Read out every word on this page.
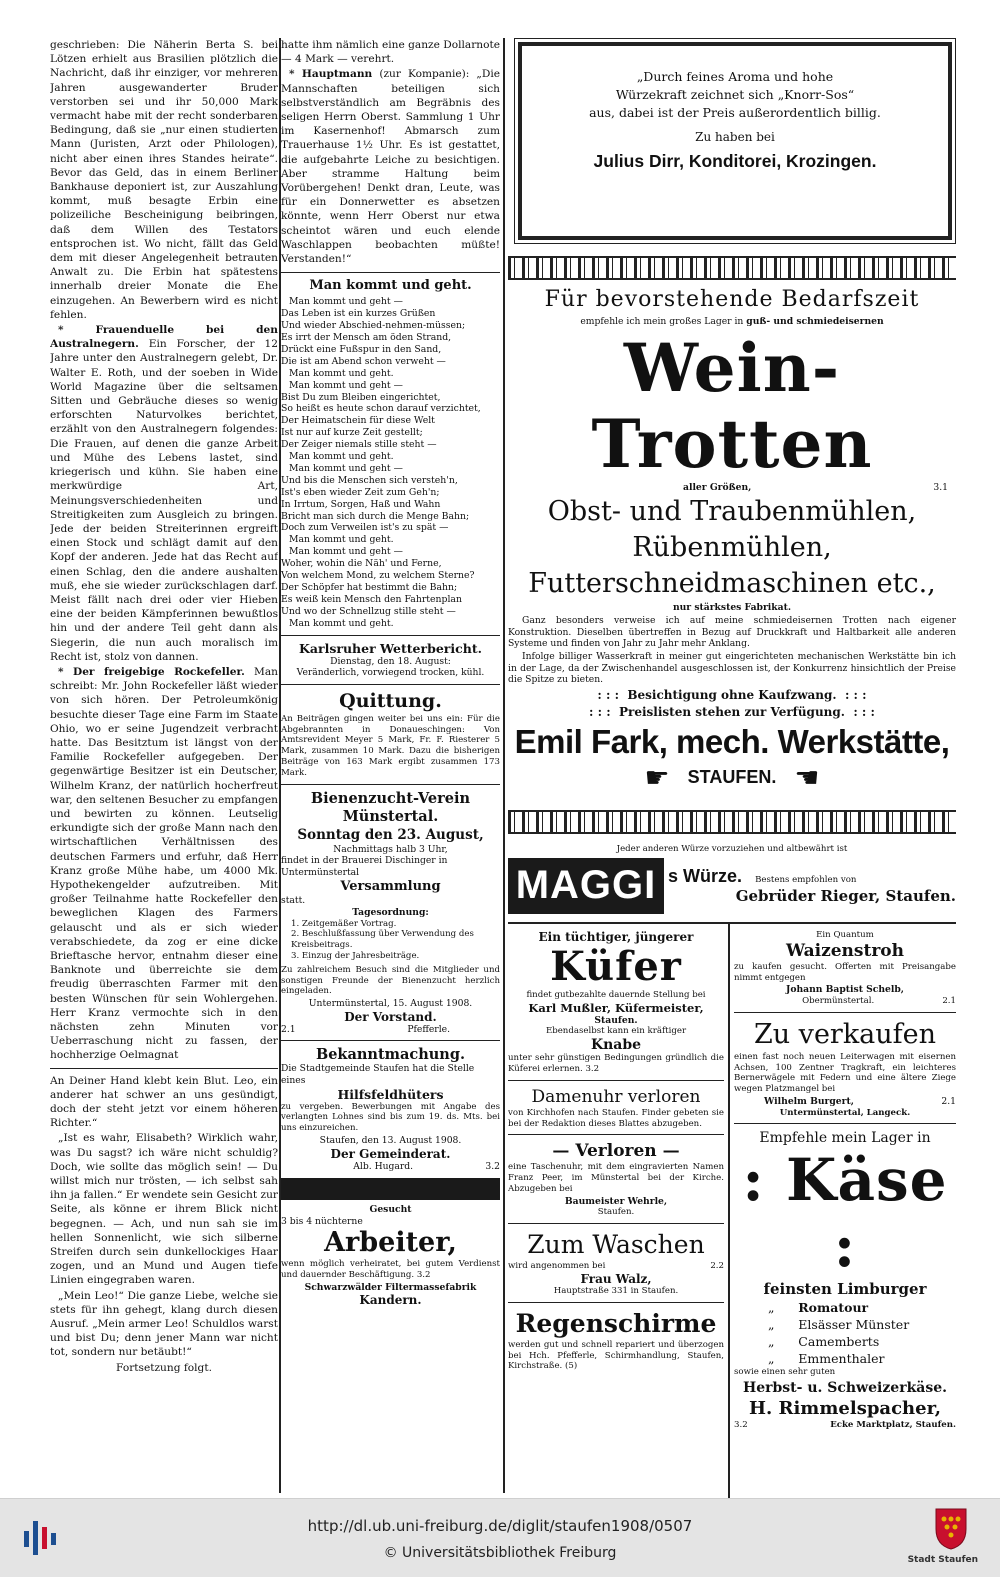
geschrieben: Die Näherin Berta S. bei Lötzen erhielt aus Brasilien plötzlich die Nachricht, daß ihr einziger, vor mehreren Jahren ausgewanderter Bruder verstorben sei und ihr 50,000 Mark vermacht habe mit der recht sonderbaren Bedingung, daß sie „nur einen studierten Mann (Juristen, Arzt oder Philologen), nicht aber einen ihres Standes heirate“. Bevor das Geld, das in einem Berliner Bankhause deponiert ist, zur Auszahlung kommt, muß besagte Erbin eine polizeiliche Bescheinigung beibringen, daß dem Willen des Testators entsprochen ist. Wo nicht, fällt das Geld dem mit dieser Angelegenheit betrauten Anwalt zu. Die Erbin hat spätestens innerhalb dreier Monate die Ehe einzugehen. An Bewerbern wird es nicht fehlen.

* Frauenduelle bei den Australnegern. Ein Forscher, der 12 Jahre unter den Australnegern gelebt, Dr. Walter E. Roth, und der soeben in Wide World Magazine über die seltsamen Sitten und Gebräuche dieses so wenig erforschten Naturvolkes berichtet, erzählt von den Australnegern folgendes: Die Frauen, auf denen die ganze Arbeit und Mühe des Lebens lastet, sind kriegerisch und kühn. Sie haben eine merkwürdige Art, Meinungsverschiedenheiten und Streitigkeiten zum Ausgleich zu bringen. Jede der beiden Streiterinnen ergreift einen Stock und schlägt damit auf den Kopf der anderen. Jede hat das Recht auf einen Schlag, den die andere aushalten muß, ehe sie wieder zurückschlagen darf. Meist fällt nach drei oder vier Hieben eine der beiden Kämpferinnen bewußtlos hin und der andere Teil geht dann als Siegerin, die nun auch moralisch im Recht ist, stolz von dannen.

* Der freigebige Rockefeller. Man schreibt: Mr. John Rockefeller läßt wieder von sich hören. Der Petroleumkönig besuchte dieser Tage eine Farm im Staate Ohio, wo er seine Jugendzeit verbracht hatte. Das Besitztum ist längst von der Familie Rockefeller aufgegeben. Der gegenwärtige Besitzer ist ein Deutscher, Wilhelm Kranz, der natürlich hocherfreut war, den seltenen Besucher zu empfangen und bewirten zu können. Leutselig erkundigte sich der große Mann nach den wirtschaftlichen Verhältnissen des deutschen Farmers und erfuhr, daß Herr Kranz große Mühe habe, um 4000 Mk. Hypothekengelder aufzutreiben. Mit großer Teilnahme hatte Rockefeller den beweglichen Klagen des Farmers gelauscht und als er sich wieder verabschiedete, da zog er eine dicke Brieftasche hervor, entnahm dieser eine Banknote und überreichte sie dem freudig überraschten Farmer mit den besten Wünschen für sein Wohlergehen. Herr Kranz vermochte sich in den nächsten zehn Minuten vor Ueberraschung nicht zu fassen, der hochherzige Oelmagnat

An Deiner Hand klebt kein Blut. Leo, ein anderer hat schwer an uns gesündigt, doch der steht jetzt vor einem höheren Richter.“

„Ist es wahr, Elisabeth? Wirklich wahr, was Du sagst? ich wäre nicht schuldig? Doch, wie sollte das möglich sein! — Du willst mich nur trösten, — ich selbst sah ihn ja fallen.“ Er wendete sein Gesicht zur Seite, als könne er ihrem Blick nicht begegnen. — Ach, und nun sah sie im hellen Sonnenlicht, wie sich silberne Streifen durch sein dunkellockiges Haar zogen, und an Mund und Augen tiefe Linien eingegraben waren.

„Mein Leo!“ Die ganze Liebe, welche sie stets für ihn gehegt, klang durch diesen Ausruf. „Mein armer Leo! Schuldlos warst und bist Du; denn jener Mann war nicht tot, sondern nur betäubt!“

Fortsetzung folgt.

hatte ihm nämlich eine ganze Dollarnote — 4 Mark — verehrt.

* Hauptmann (zur Kompanie): „Die Mannschaften beteiligen sich selbstverständlich am Begräbnis des seligen Herrn Oberst. Sammlung 1 Uhr im Kasernenhof! Abmarsch zum Trauerhause 1½ Uhr. Es ist gestattet, die aufgebahrte Leiche zu besichtigen. Aber stramme Haltung beim Vorübergehen! Denkt dran, Leute, was für ein Donnerwetter es absetzen könnte, wenn Herr Oberst nur etwa scheintot wären und euch elende Waschlappen beobachten müßte! Verstanden!“

Man kommt und geht.
Man kommt und geht —
Das Leben ist ein kurzes Grüßen
Und wieder Abschied-nehmen-müssen;
Es irrt der Mensch am öden Strand,
Drückt eine Fußspur in den Sand,
Die ist am Abend schon verweht —
Man kommt und geht.
Man kommt und geht —
Bist Du zum Bleiben eingerichtet,
So heißt es heute schon darauf verzichtet,
Der Heimatschein für diese Welt
Ist nur auf kurze Zeit gestellt;
Der Zeiger niemals stille steht —
Man kommt und geht.
Man kommt und geht —
Und bis die Menschen sich versteh'n,
Ist's eben wieder Zeit zum Geh'n;
In Irrtum, Sorgen, Haß und Wahn
Bricht man sich durch die Menge Bahn;
Doch zum Verweilen ist's zu spät —
Man kommt und geht.
Man kommt und geht —
Woher, wohin die Näh' und Ferne,
Von welchem Mond, zu welchem Sterne?
Der Schöpfer hat bestimmt die Bahn;
Es weiß kein Mensch den Fahrtenplan
Und wo der Schnellzug stille steht —
Man kommt und geht.
Karlsruher Wetterbericht.
Dienstag, den 18. August:
Veränderlich, vorwiegend trocken, kühl.
Quittung.

An Beiträgen gingen weiter bei uns ein: Für die Abgebrannten in Donaueschingen: Von Amtsrevident Meyer 5 Mark, Fr. F. Riesterer 5 Mark, zusammen 10 Mark. Dazu die bisherigen Beiträge von 163 Mark ergibt zusammen 173 Mark.

Bienenzucht-Verein Münstertal.
Sonntag den 23. August,
Nachmittags halb 3 Uhr,
findet in der Brauerei Dischinger in Untermünstertal
Versammlung
statt.
Tagesordnung:
1. Zeitgemäßer Vortrag.
2. Beschlußfassung über Verwendung des Kreisbeitrags.
3. Einzug der Jahresbeiträge.

Zu zahlreichem Besuch sind die Mitglieder und sonstigen Freunde der Bienenzucht herzlich eingeladen.

Untermünstertal, 15. August 1908.
Der Vorstand.
2.1	Pfefferle.
Bekanntmachung.
Die Stadtgemeinde Staufen hat die Stelle eines
Hilfsfeldhüters

zu vergeben. Bewerbungen mit Angabe des verlangten Lohnes sind bis zum 19. ds. Mts. bei uns einzureichen.

Staufen, den 13. August 1908.
Der Gemeinderat.
Alb. Hugard.	3.2
Gesucht
3 bis 4 nüchterne
Arbeiter,

wenn möglich verheiratet, bei gutem Verdienst und dauernder Beschäftigung. 3.2

Schwarzwälder Filtermassefabrik
Kandern.
„Durch feines Aroma und hohe
Würzekraft zeichnet sich „Knorr-Sos“
aus, dabei ist der Preis außerordentlich billig.
Zu haben bei
Julius Dirr, Konditorei, Krozingen.
Für bevorstehende Bedarfszeit
empfehle ich mein großes Lager in guß- und schmiedeisernen
Wein-Trotten
aller Größen,	3.1
Obst- und Traubenmühlen,
Rübenmühlen,
Futterschneidmaschinen etc.,
nur stärkstes Fabrikat.

Ganz besonders verweise ich auf meine schmiedeisernen Trotten nach eigener Konstruktion. Dieselben übertreffen in Bezug auf Druckkraft und Haltbarkeit alle anderen Systeme und finden von Jahr zu Jahr mehr Anklang.

Infolge billiger Wasserkraft in meiner gut eingerichteten mechanischen Werkstätte bin ich in der Lage, da der Zwischenhandel ausgeschlossen ist, der Konkurrenz hinsichtlich der Preise die Spitze zu bieten.

: : :  Besichtigung ohne Kaufzwang.  : : :
: : :  Preislisten stehen zur Verfügung.  : : :
Emil Fark, mech. Werkstätte,
☛ STAUFEN. ☚
Jeder anderen Würze vorzuziehen und altbewährt ist
MAGGI s Würze. Bestens empfohlen von
Gebrüder Rieger, Staufen.
Ein tüchtiger, jüngerer
Küfer
findet gutbezahlte dauernde Stellung bei
Karl Mußler, Küfermeister,
Staufen.
Ebendaselbst kann ein kräftiger
Knabe

unter sehr günstigen Bedingungen gründlich die Küferei erlernen. 3.2

Damenuhr verloren

von Kirchhofen nach Staufen. Finder gebeten sie bei der Redaktion dieses Blattes abzugeben.

— Verloren —

eine Taschenuhr, mit dem eingravierten Namen Franz Peer, im Münstertal bei der Kirche. Abzugeben bei

Baumeister Wehrle,
Staufen.
Zum Waschen
wird angenommen bei	2.2
Frau Walz,
Hauptstraße 331 in Staufen.
Regenschirme

werden gut und schnell repariert und überzogen bei Hch. Pfefferle, Schirmhandlung, Staufen, Kirchstraße. (5)

Ein Quantum
Waizenstroh

zu kaufen gesucht. Offerten mit Preisangabe nimmt entgegen

Johann Baptist Schelb,
Obermünstertal.	2.1
Zu verkaufen

einen fast noch neuen Leiterwagen mit eisernen Achsen, 100 Zentner Tragkraft, ein leichteres Bernerwägele mit Federn und eine ältere Ziege wegen Platzmangel bei

Wilhelm Burgert,	2.1
Untermünstertal, Langeck.
Empfehle mein Lager in
: Käse :
feinsten Limburger
„      Romatour
„      Elsässer Münster
„      Camemberts
„      Emmenthaler
sowie einen sehr guten
Herbst- u. Schweizerkäse.
H. Rimmelspacher,
3.2	Ecke Marktplatz, Staufen.
http://dl.ub.uni-freiburg.de/diglit/staufen1908/0507
© Universitätsbibliothek Freiburg	Stadt Staufen
